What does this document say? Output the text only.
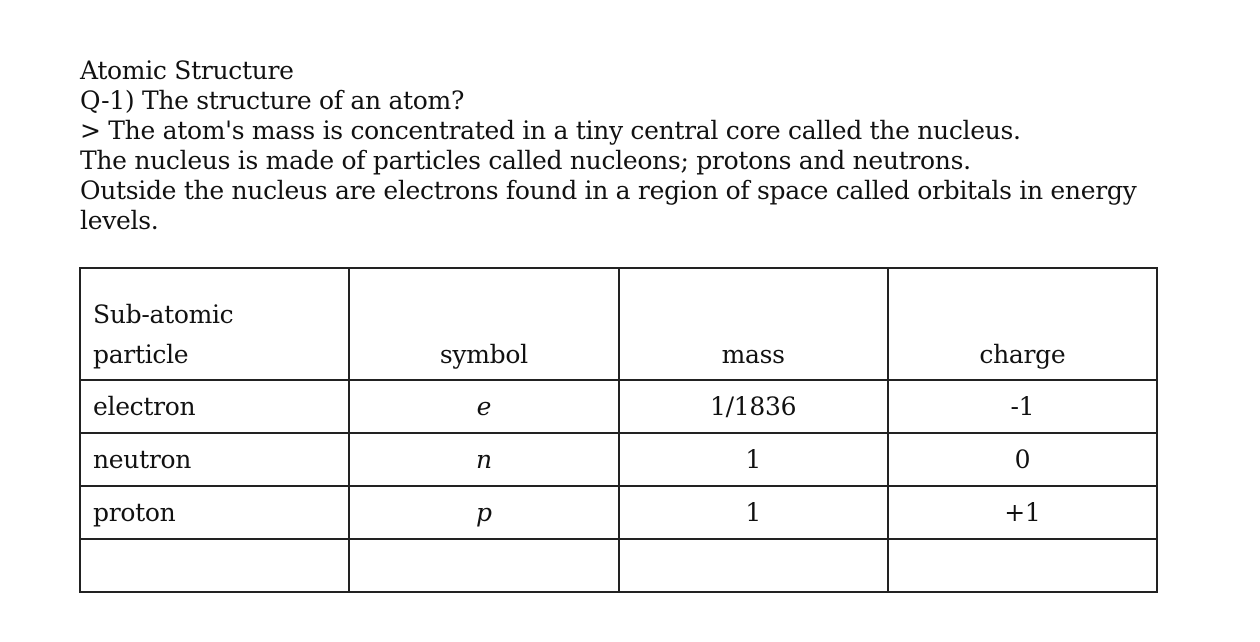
Atomic Structure
Q-1) The structure of an atom?
> The atom's mass is concentrated in a tiny central core called the nucleus.
The nucleus is made of particles called nucleons; protons and neutrons.
Outside the nucleus are electrons found in a region of space called orbitals in energy
levels.
Sub-atomic
particle	symbol	mass	charge
electron	e	1/1836	-1
neutron	n	1	0
proton	p	1	+1
